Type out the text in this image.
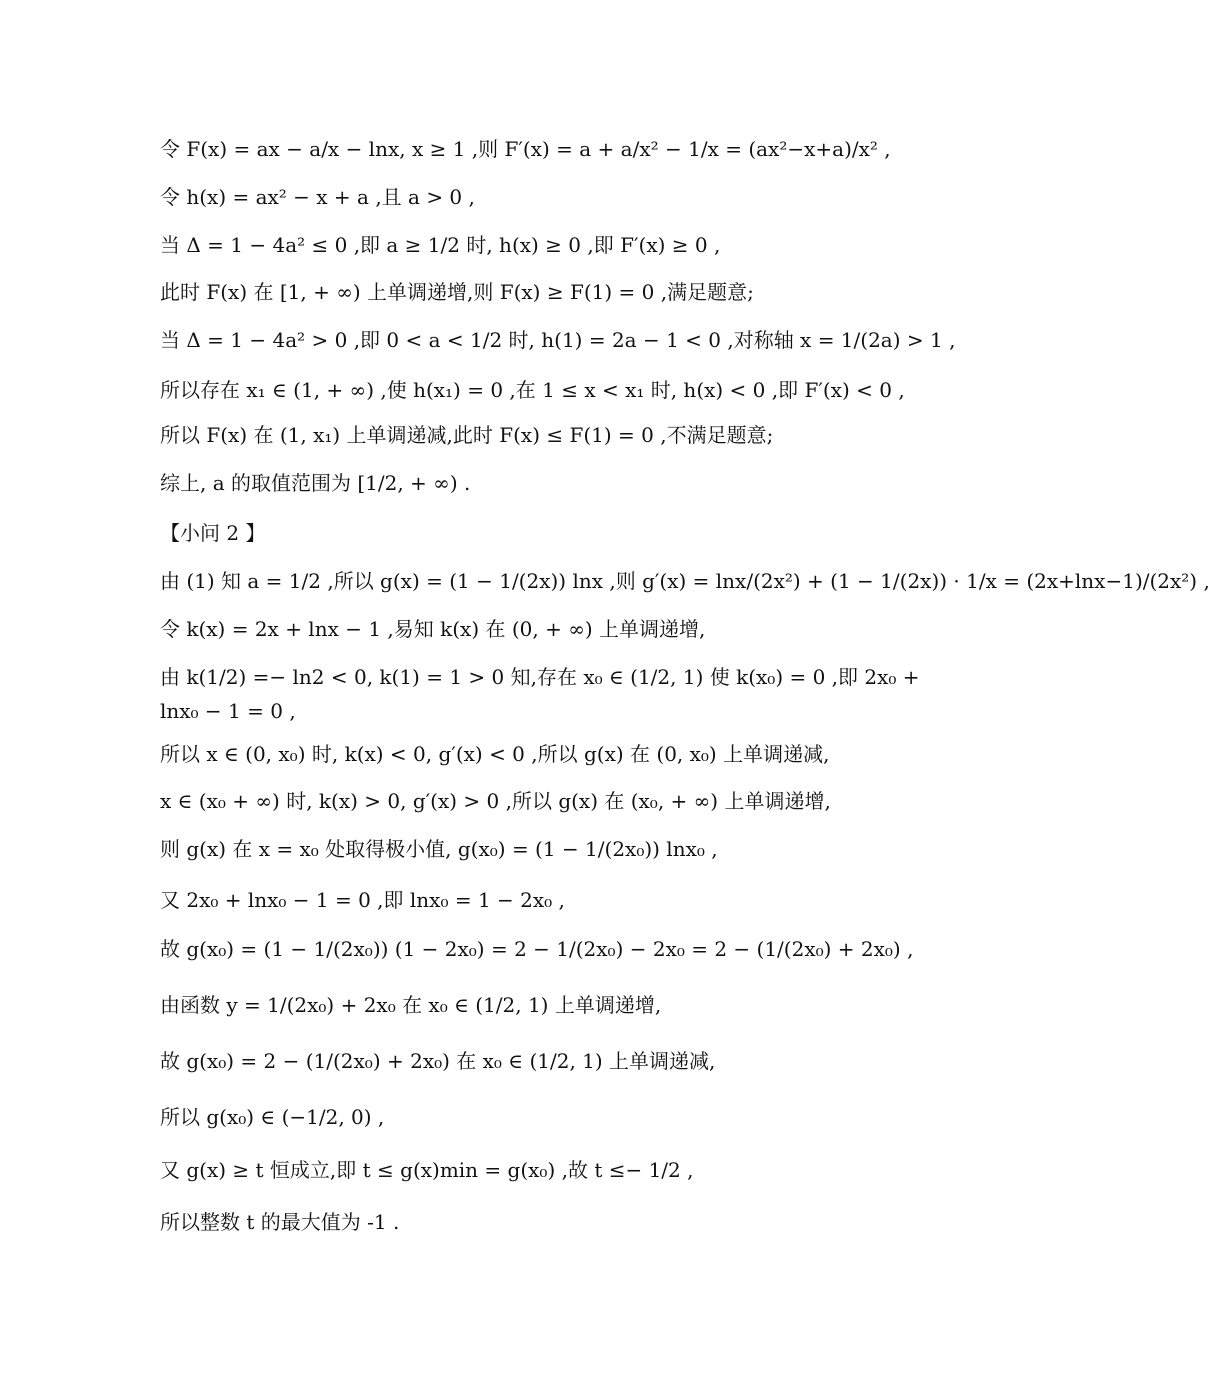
令 F(x) = ax − a/x − lnx, x ≥ 1 ,则 F′(x) = a + a/x² − 1/x = (ax²−x+a)/x² ,
令 h(x) = ax² − x + a ,且 a > 0 ,
当 Δ = 1 − 4a² ≤ 0 ,即 a ≥ 1/2 时, h(x) ≥ 0 ,即 F′(x) ≥ 0 ,
此时 F(x) 在 [1, + ∞) 上单调递增,则 F(x) ≥ F(1) = 0 ,满足题意;
当 Δ = 1 − 4a² > 0 ,即 0 < a < 1/2 时, h(1) = 2a − 1 < 0 ,对称轴 x = 1/(2a) > 1 ,
所以存在 x₁ ∈ (1, + ∞) ,使 h(x₁) = 0 ,在 1 ≤ x < x₁ 时, h(x) < 0 ,即 F′(x) < 0 ,
所以 F(x) 在 (1, x₁) 上单调递减,此时 F(x) ≤ F(1) = 0 ,不满足题意;
综上, a 的取值范围为 [1/2, + ∞) .
【小问 2 】
由 (1) 知 a = 1/2 ,所以 g(x) = (1 − 1/(2x)) lnx ,则 g′(x) = lnx/(2x²) + (1 − 1/(2x)) · 1/x = (2x+lnx−1)/(2x²) ,
令 k(x) = 2x + lnx − 1 ,易知 k(x) 在 (0, + ∞) 上单调递增,
由 k(1/2) =− ln2 < 0, k(1) = 1 > 0 知,存在 x₀ ∈ (1/2, 1) 使 k(x₀) = 0 ,即 2x₀ + lnx₀ − 1 = 0 ,
所以 x ∈ (0, x₀) 时, k(x) < 0, g′(x) < 0 ,所以 g(x) 在 (0, x₀) 上单调递减,
x ∈ (x₀ + ∞) 时, k(x) > 0, g′(x) > 0 ,所以 g(x) 在 (x₀, + ∞) 上单调递增,
则 g(x) 在 x = x₀ 处取得极小值, g(x₀) = (1 − 1/(2x₀)) lnx₀ ,
又 2x₀ + lnx₀ − 1 = 0 ,即 lnx₀ = 1 − 2x₀ ,
故 g(x₀) = (1 − 1/(2x₀)) (1 − 2x₀) = 2 − 1/(2x₀) − 2x₀ = 2 − (1/(2x₀) + 2x₀) ,
由函数 y = 1/(2x₀) + 2x₀ 在 x₀ ∈ (1/2, 1) 上单调递增,
故 g(x₀) = 2 − (1/(2x₀) + 2x₀) 在 x₀ ∈ (1/2, 1) 上单调递减,
所以 g(x₀) ∈ (−1/2, 0) ,
又 g(x) ≥ t 恒成立,即 t ≤ g(x)min = g(x₀) ,故 t ≤− 1/2 ,
所以整数 t 的最大值为 -1 .
